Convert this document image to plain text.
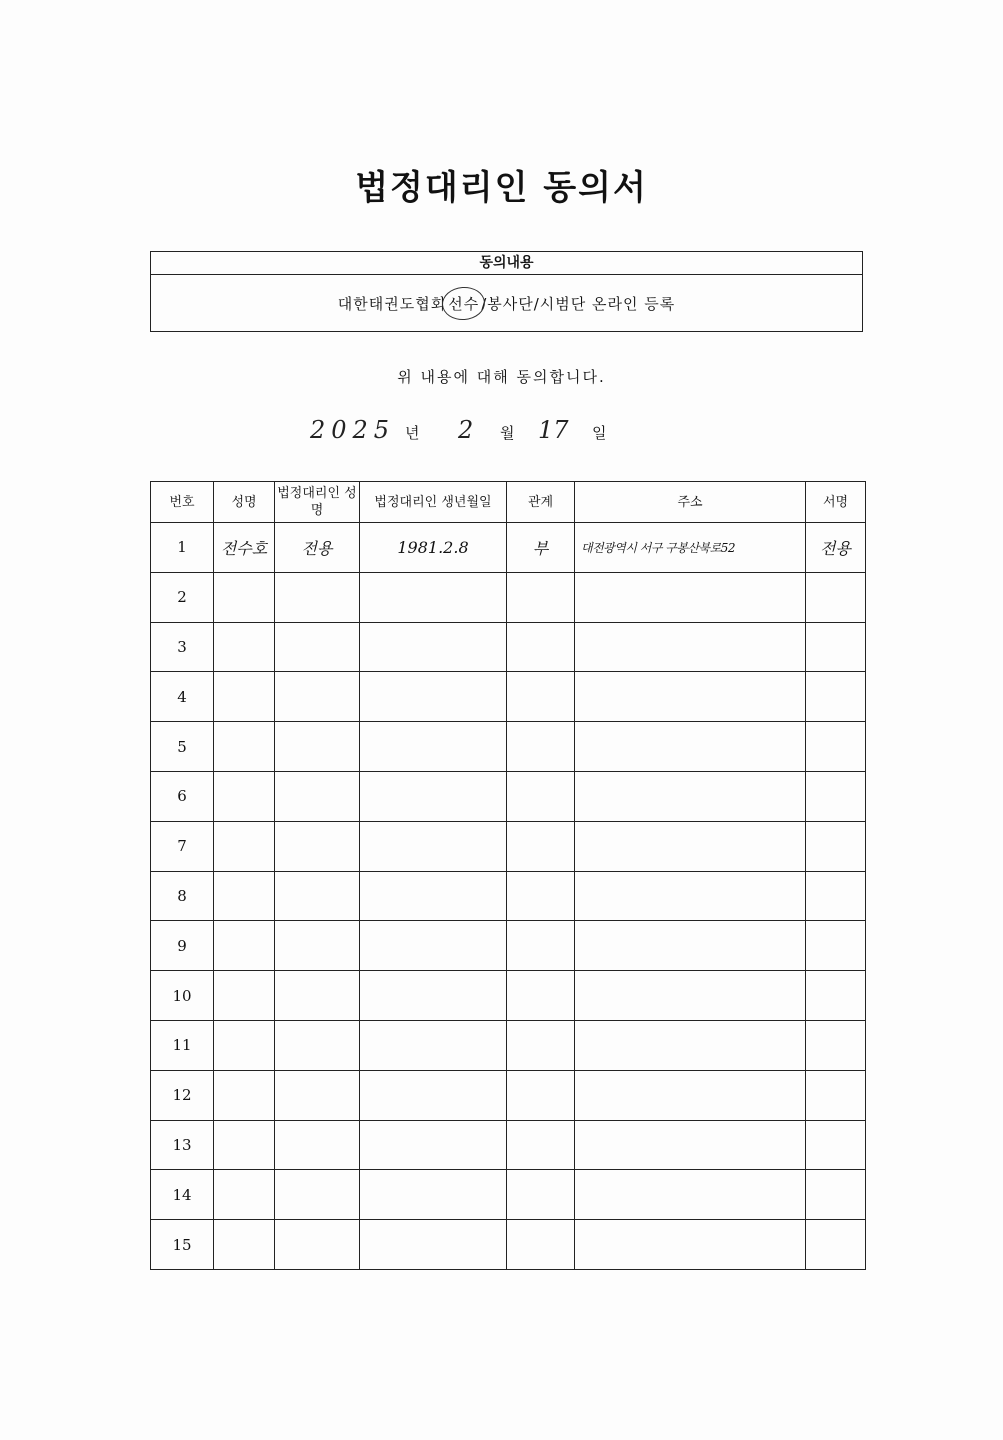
법정대리인 동의서
동의내용
대한태권도협회 선수 /봉사단/시범단 온라인 등록
위 내용에 대해 동의합니다.
2025 년 2 월 17 일
번호	성명	법정대리인 성명	법정대리인 생년월일	관계	주소	서명
1	전수호	전용	1981.2.8	부	대전광역시 서구 구봉산북로52	전용
2						
3						
4						
5						
6						
7						
8						
9						
10						
11						
12						
13						
14						
15						
